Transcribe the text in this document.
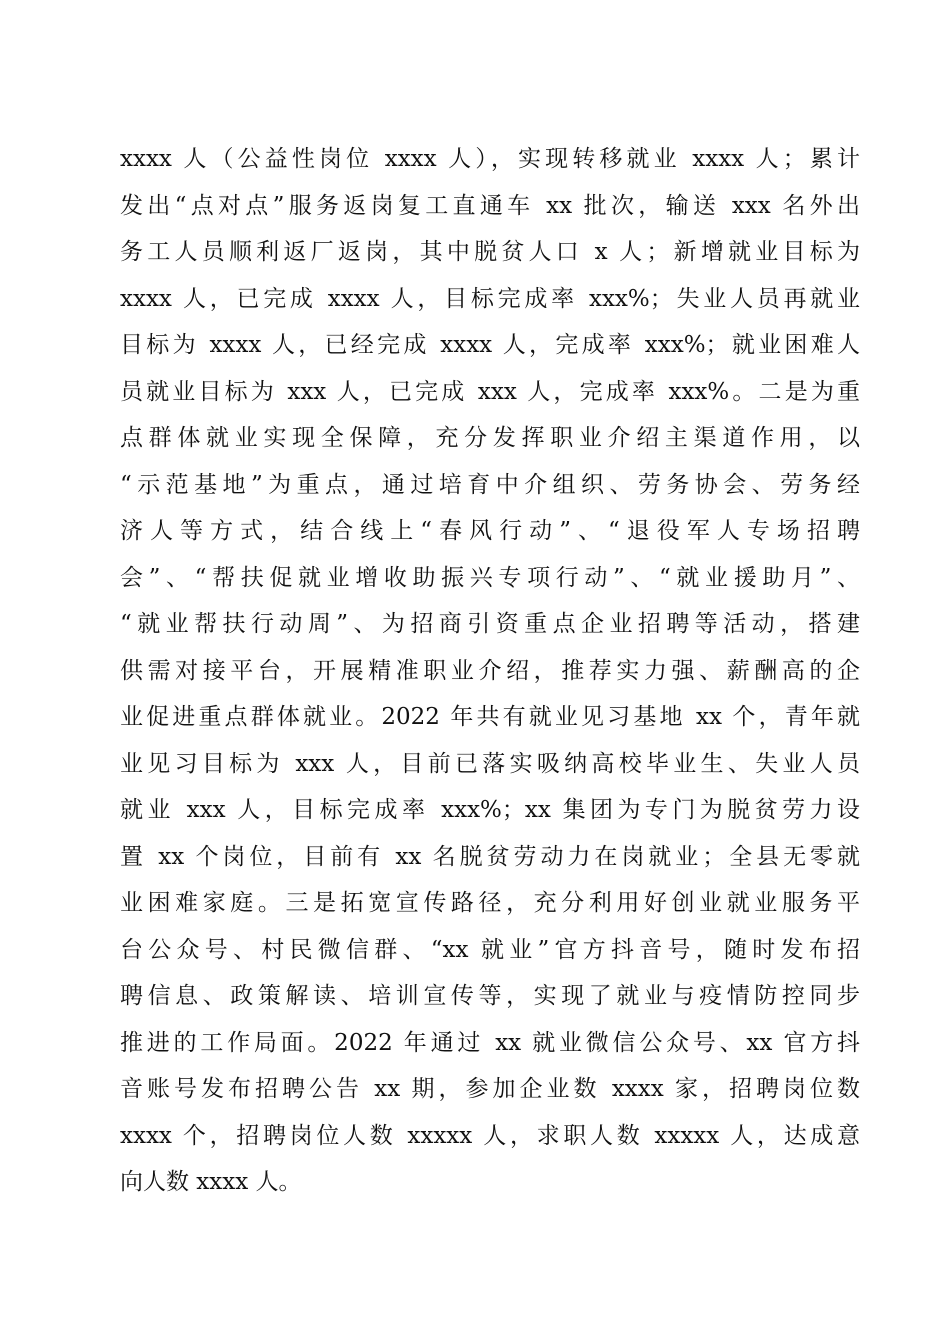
xxxx 人（公益性岗位 xxxx 人），实现转移就业 xxxx 人；累计
发出“点对点”服务返岗复工直通车 xx 批次，输送 xxx 名外出
务工人员顺利返厂返岗，其中脱贫人口 x 人；新增就业目标为
xxxx 人，已完成 xxxx 人，目标完成率 xxx%；失业人员再就业
目标为 xxxx 人，已经完成 xxxx 人，完成率 xxx%；就业困难人
员就业目标为 xxx 人，已完成 xxx 人，完成率 xxx%。二是为重
点群体就业实现全保障，充分发挥职业介绍主渠道作用，以
“示范基地”为重点，通过培育中介组织、劳务协会、劳务经
济人等方式，结合线上“春风行动”、“退役军人专场招聘
会”、“帮扶促就业增收助振兴专项行动”、“就业援助月”、
“就业帮扶行动周”、为招商引资重点企业招聘等活动，搭建
供需对接平台，开展精准职业介绍，推荐实力强、薪酬高的企
业促进重点群体就业。2022 年共有就业见习基地 xx 个，青年就
业见习目标为 xxx 人，目前已落实吸纳高校毕业生、失业人员
就业 xxx 人，目标完成率 xxx%；xx 集团为专门为脱贫劳力设
置 xx 个岗位，目前有 xx 名脱贫劳动力在岗就业；全县无零就
业困难家庭。三是拓宽宣传路径，充分利用好创业就业服务平
台公众号、村民微信群、“xx 就业”官方抖音号，随时发布招
聘信息、政策解读、培训宣传等，实现了就业与疫情防控同步
推进的工作局面。2022 年通过 xx 就业微信公众号、xx 官方抖
音账号发布招聘公告 xx 期，参加企业数 xxxx 家，招聘岗位数
xxxx 个，招聘岗位人数 xxxxx 人，求职人数 xxxxx 人，达成意
向人数 xxxx 人。
